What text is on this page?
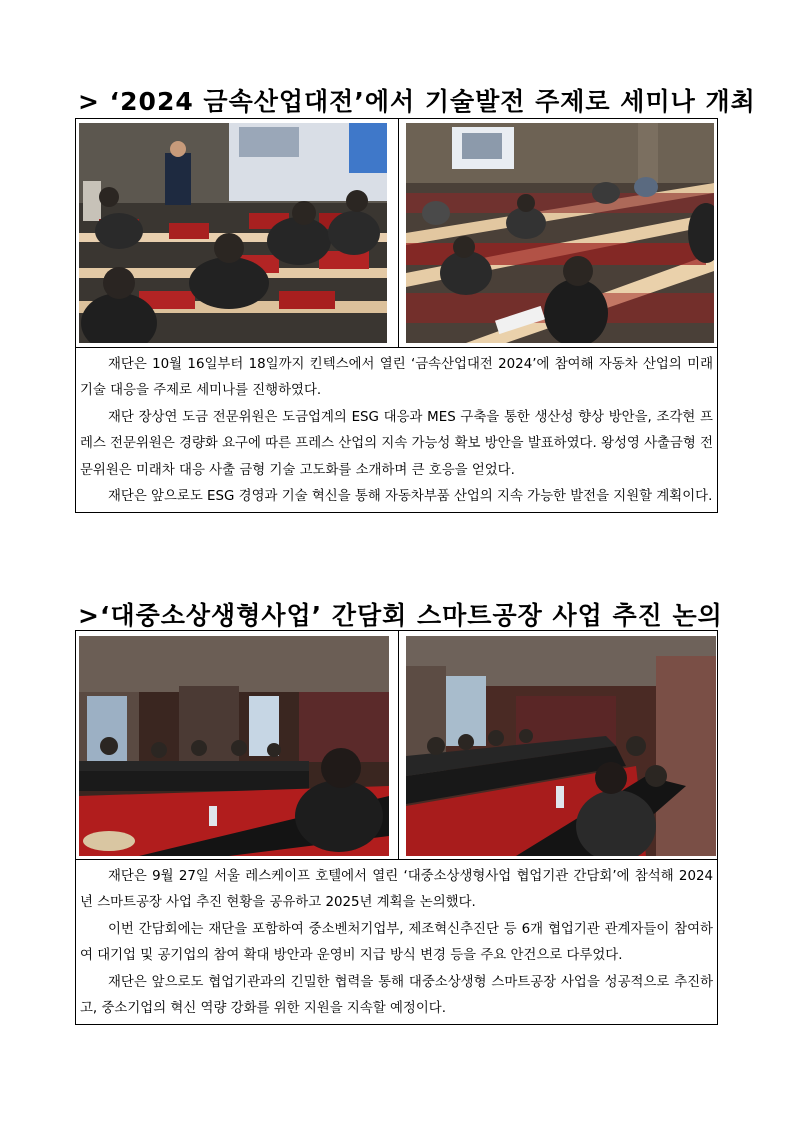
> ‘2024 금속산업대전’에서 기술발전 주제로 세미나 개최

재단은 10월 16일부터 18일까지 킨텍스에서 열린 ‘금속산업대전 2024’에 참여해 자동차 산업의 미래 기술 대응을 주제로 세미나를 진행하였다.

재단 장상연 도금 전문위원은 도금업계의 ESG 대응과 MES 구축을 통한 생산성 향상 방안을, 조각현 프레스 전문위원은 경량화 요구에 따른 프레스 산업의 지속 가능성 확보 방안을 발표하였다. 왕성영 사출금형 전문위원은 미래차 대응 사출 금형 기술 고도화를 소개하며 큰 호응을 얻었다.

재단은 앞으로도 ESG 경영과 기술 혁신을 통해 자동차부품 산업의 지속 가능한 발전을 지원할 계획이다.

>‘대중소상생형사업’ 간담회 스마트공장 사업 추진 논의

재단은 9월 27일 서울 레스케이프 호텔에서 열린 ‘대중소상생형사업 협업기관 간담회’에 참석해 2024년 스마트공장 사업 추진 현황을 공유하고 2025년 계획을 논의했다.

이번 간담회에는 재단을 포함하여 중소벤처기업부, 제조혁신추진단 등 6개 협업기관 관계자들이 참여하여 대기업 및 공기업의 참여 확대 방안과 운영비 지급 방식 변경 등을 주요 안건으로 다루었다.

재단은 앞으로도 협업기관과의 긴밀한 협력을 통해 대중소상생형 스마트공장 사업을 성공적으로 추진하고, 중소기업의 혁신 역량 강화를 위한 지원을 지속할 예정이다.
